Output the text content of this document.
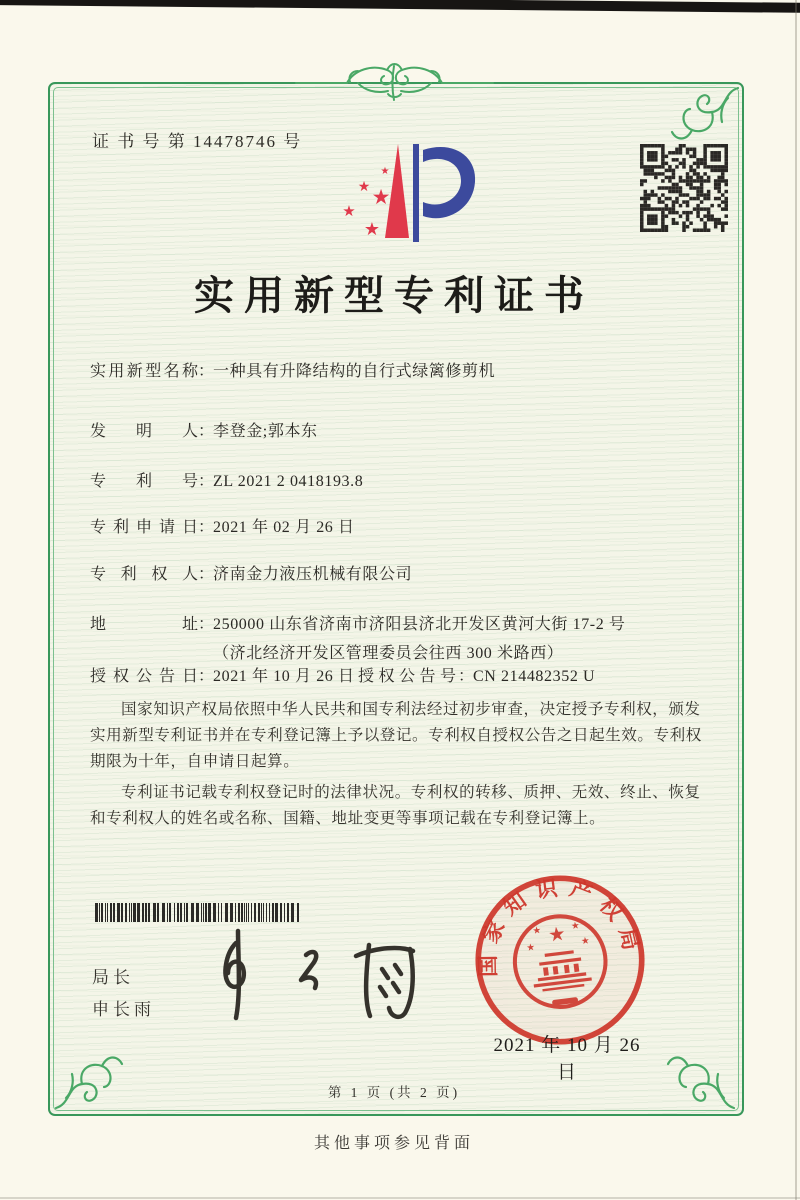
证 书 号 第 14478746 号
★
★ ★
★
★
实用新型专利证书
实用新型名称：一种具有升降结构的自行式绿篱修剪机
发明人：李登金;郭本东
专利号：ZL 2021 2 0418193.8
专利申请日：2021 年 02 月 26 日
专利权人：济南金力液压机械有限公司
地址：250000 山东省济南市济阳县济北开发区黄河大街 17-2 号
（济北经济开发区管理委员会往西 300 米路西）
授权公告日：2021 年 10 月 26 日 授权公告号：CN 214482352 U

国家知识产权局依照中华人民共和国专利法经过初步审查，决定授予专利权，颁发实用新型专利证书并在专利登记簿上予以登记。专利权自授权公告之日起生效。专利权期限为十年，自申请日起算。

专利证书记载专利权登记时的法律状况。专利权的转移、质押、无效、终止、恢复和专利权人的姓名或名称、国籍、地址变更等事项记载在专利登记簿上。

局长
申长雨
国家知识产权局
★
★ ★
★
★
2021 年 10 月 26 日
第 1 页 (共 2 页)
其他事项参见背面
